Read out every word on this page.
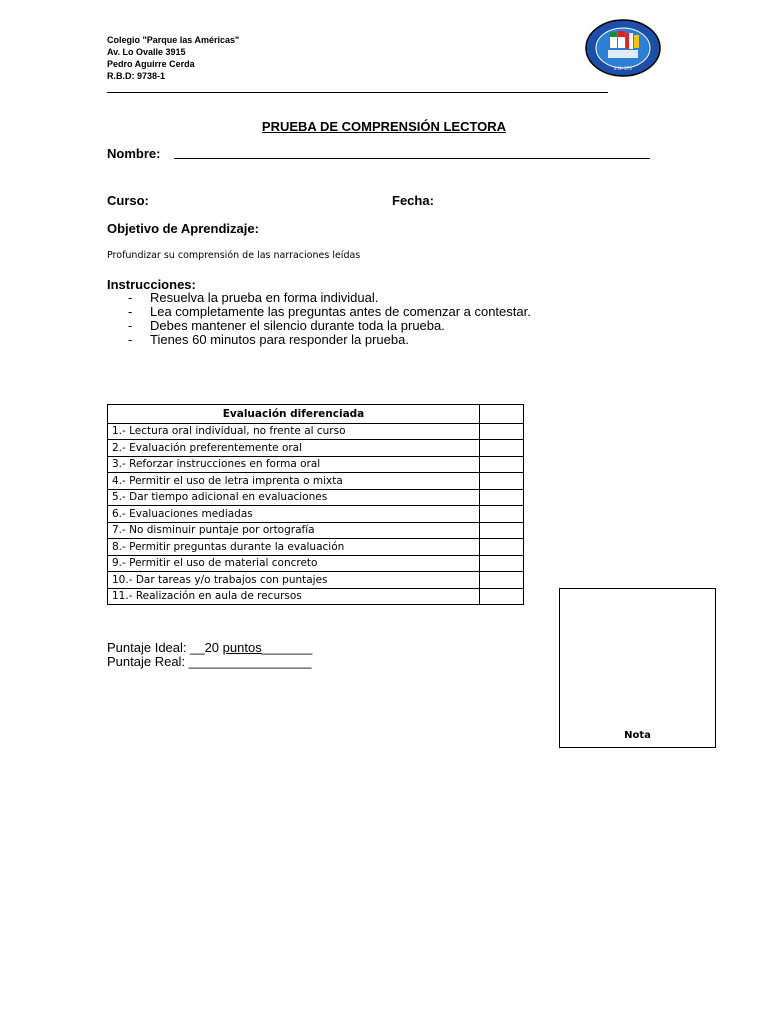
Colegio "Parque las Américas"
Av. Lo Ovalle 3915
Pedro Aguirre Cerda
R.B.D: 9738-1
E Nº 573
PRUEBA DE COMPRENSIÓN LECTORA
Nombre:
Curso:	Fecha:
Objetivo de Aprendizaje:
Profundizar su comprensión de las narraciones leídas
Instrucciones:
- Resuelva la prueba en forma individual.
- Lea completamente las preguntas antes de comenzar a contestar.
- Debes mantener el silencio durante toda la prueba.
- Tienes 60 minutos para responder la prueba.
Evaluación diferenciada	
1.- Lectura oral individual, no frente al curso	
2.- Evaluación preferentemente oral	
3.- Reforzar instrucciones en forma oral	
4.- Permitir el uso de letra imprenta o mixta	
5.- Dar tiempo adicional en evaluaciones	
6.- Evaluaciones mediadas	
7.- No disminuir puntaje por ortografía	
8.- Permitir preguntas durante la evaluación	
9.- Permitir el uso de material concreto	
10.- Dar tareas y/o trabajos con puntajes	
11.- Realización en aula de recursos	
Puntaje Ideal: __20 puntos_______
Puntaje Real: _________________
Nota
